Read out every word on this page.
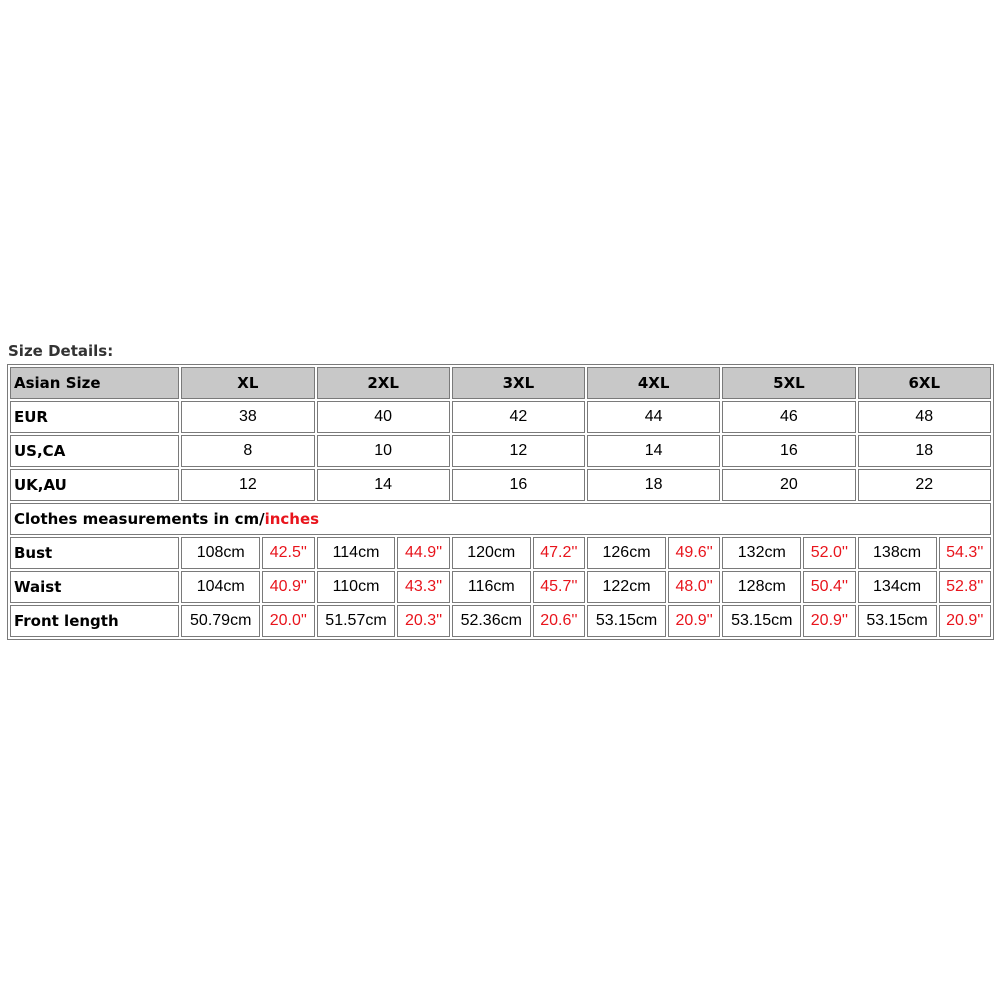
Size Details:
Asian Size	XL		2XL		3XL		4XL		5XL		6XL	
EUR	38		40		42		44		46		48	
US,CA	8		10		12		14		16		18	
UK,AU	12		14		16		18		20		22	
Clothes measurements in cm/inches												
Bust	108cm	42.5''	114cm	44.9''	120cm	47.2''	126cm	49.6''	132cm	52.0''	138cm	54.3''
Waist	104cm	40.9''	110cm	43.3''	116cm	45.7''	122cm	48.0''	128cm	50.4''	134cm	52.8''
Front length	50.79cm	20.0''	51.57cm	20.3''	52.36cm	20.6''	53.15cm	20.9''	53.15cm	20.9''	53.15cm	20.9''
